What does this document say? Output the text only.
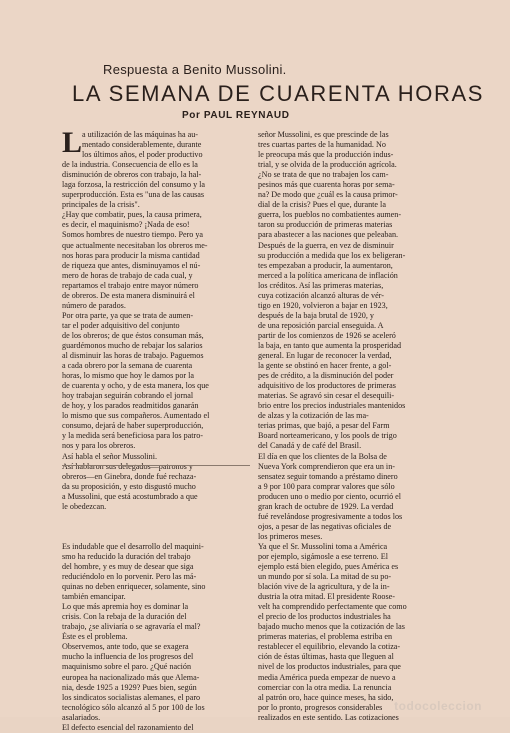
Respuesta a Benito Mussolini.
LA SEMANA DE CUARENTA HORAS
Por PAUL REYNAUD
L a utilización de las máquinas ha au-
mentado considerablemente, durante
los últimos años, el poder productivo
de la industria. Consecuencia de ello es la
disminución de obreros con trabajo, la hal-
laga forzosa, la restricción del consumo y la
superproducción. Esta es "una de las causas
principales de la crisis".
¿Hay que combatir, pues, la causa primera,
es decir, el maquinismo? ¡Nada de eso!
Somos hombres de nuestro tiempo. Pero ya
que actualmente necesitaban los obreros me-
nos horas para producir la misma cantidad
de riqueza que antes, disminuyamos el nú-
mero de horas de trabajo de cada cual, y
repartamos el trabajo entre mayor número
de obreros. De esta manera disminuirá el
número de parados.
Por otra parte, ya que se trata de aumen-
tar el poder adquisitivo del conjunto
de los obreros; de que éstos consuman más,
guardémonos mucho de rebajar los salarios
al disminuir las horas de trabajo. Paguemos
a cada obrero por la semana de cuarenta
horas, lo mismo que hoy le damos por la
de cuarenta y ocho, y de esta manera, los que
hoy trabajan seguirán cobrando el jornal
de hoy, y los parados readmitidos ganarán
lo mismo que sus compañeros. Aumentado el
consumo, dejará de haber superproducción,
y la medida será beneficiosa para los patro-
nos y para los obreros.
Así habla el señor Mussolini.
Así hablaron sus delegados—patronos y
obreros—en Ginebra, donde fué rechaza-
da su proposición, y esto disgustó mucho
a Mussolini, que está acostumbrado a que
le obedezcan.

Es indudable que el desarrollo del maquini-
smo ha reducido la duración del trabajo
del hombre, y es muy de desear que siga
reduciéndolo en lo porvenir. Pero las má-
quinas no deben enriquecer, solamente, sino
también emancipar.
Lo que más apremia hoy es dominar la
crisis. Con la rebaja de la duración del
trabajo, ¿se aliviaría o se agravaría el mal?
Éste es el problema.
Observemos, ante todo, que se exagera
mucho la influencia de los progresos del
maquinismo sobre el paro. ¿Qué nación
europea ha nacionalizado más que Alema-
nia, desde 1925 a 1929? Pues bien, según
los sindicatos socialistas alemanes, el paro
tecnológico sólo alcanzó al 5 por 100 de los
asalariados.
El defecto esencial del razonamiento del
señor Mussolini, es que prescinde de las
tres cuartas partes de la humanidad. No
le preocupa más que la producción indus-
trial, y se olvida de la producción agrícola.
¿No se trata de que no trabajen los cam-
pesinos más que cuarenta horas por sema-
na? De modo que ¿cuál es la causa primor-
dial de la crisis? Pues el que, durante la
guerra, los pueblos no combatientes aumen-
taron su producción de primeras materias
para abastecer a las naciones que peleaban.
Después de la guerra, en vez de disminuir
su producción a medida que los ex beligeran-
tes empezaban a producir, la aumentaron,
merced a la política americana de inflación
los créditos. Así las primeras materias,
cuya cotización alcanzó alturas de vér-
tigo en 1920, volvieron a bajar en 1923,
después de la baja brutal de 1920, y
de una reposición parcial enseguida. A
partir de los comienzos de 1926 se aceleró
la baja, en tanto que aumenta la prosperidad
general. En lugar de reconocer la verdad,
la gente se obstinó en hacer frente, a gol-
pes de crédito, a la disminución del poder
adquisitivo de los productores de primeras
materias. Se agravó sin cesar el desequili-
brio entre los precios industriales mantenidos
de alzas y la cotización de las ma-
terias primas, que bajó, a pesar del Farm
Board norteamericano, y los pools de trigo
del Canadá y de café del Brasil.
El día en que los clientes de la Bolsa de
Nueva York comprendieron que era un in-
sensatez seguir tomando a préstamo dinero
a 9 por 100 para comprar valores que sólo
producen uno o medio por ciento, ocurrió el
gran krach de octubre de 1929. La verdad
fué revelándose progresivamente a todos los
ojos, a pesar de las negativas oficiales de
los primeros meses.
Ya que el Sr. Mussolini toma a América
por ejemplo, sigámosle a ese terreno. El
ejemplo está bien elegido, pues América es
un mundo por sí sola. La mitad de su po-
blación vive de la agricultura, y de la in-
dustria la otra mitad. El presidente Roose-
velt ha comprendido perfectamente que como
el precio de los productos industriales ha
bajado mucho menos que la cotización de las
primeras materias, el problema estriba en
restablecer el equilibrio, elevando la cotiza-
ción de éstas últimas, hasta que lleguen al
nivel de los productos industriales, para que
media América pueda empezar de nuevo a
comerciar con la otra media. La renuncia
al patrón oro, hace quince meses, ha sido,
por lo pronto, progresos considerables
realizados en este sentido. Las cotizaciones
todocoleccion
